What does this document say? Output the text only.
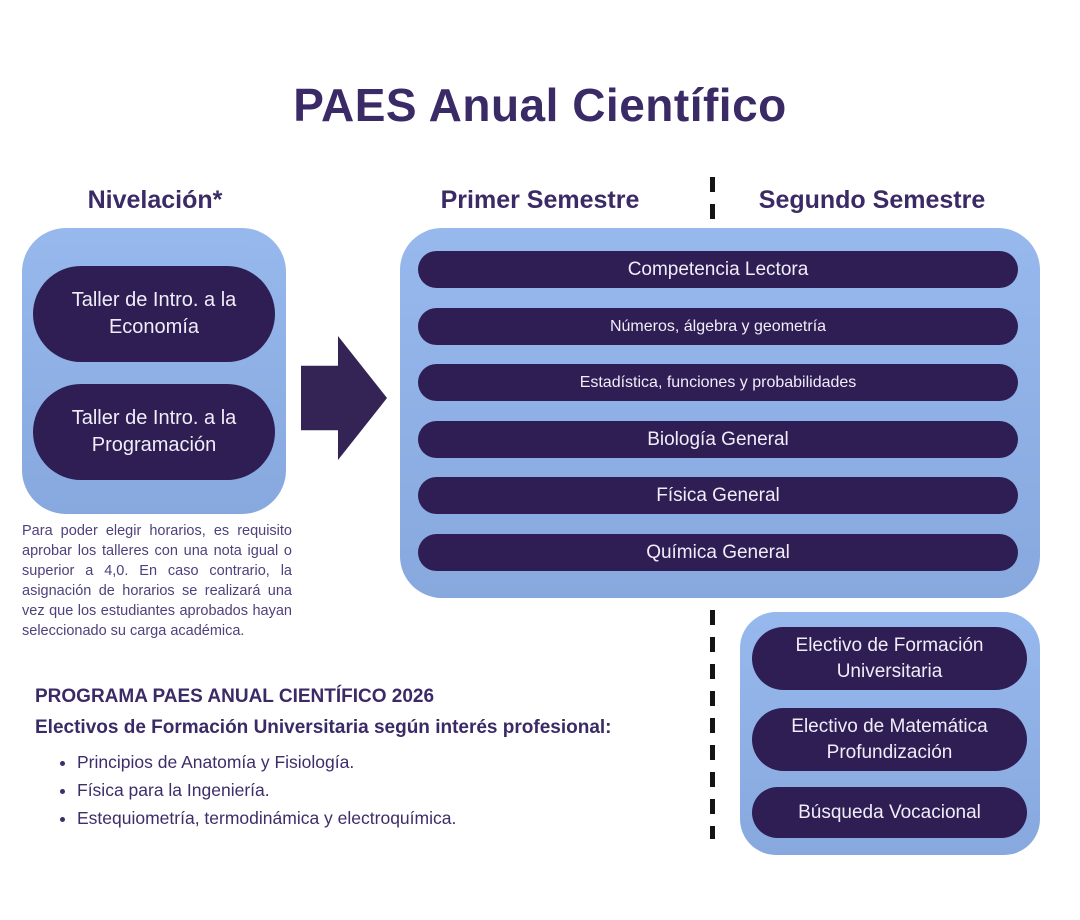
PAES Anual Científico
Nivelación*	Primer Semestre	Segundo Semestre
Taller de Intro. a la Economía
Taller de Intro. a la Programación
Competencia Lectora
Números, álgebra y geometría
Estadística, funciones y probabilidades
Biología General
Física General
Química General
Electivo de Formación Universitaria
Electivo de Matemática Profundización
Búsqueda Vocacional
Para poder elegir horarios, es requisito aprobar los talleres con una nota igual o superior a 4,0. En caso contrario, la asignación de horarios se realizará una vez que los estudiantes aprobados hayan seleccionado su carga académica.
PROGRAMA PAES ANUAL CIENTÍFICO 2026
Electivos de Formación Universitaria según interés profesional:
• Principios de Anatomía y Fisiología.
• Física para la Ingeniería.
• Estequiometría, termodinámica y electroquímica.
